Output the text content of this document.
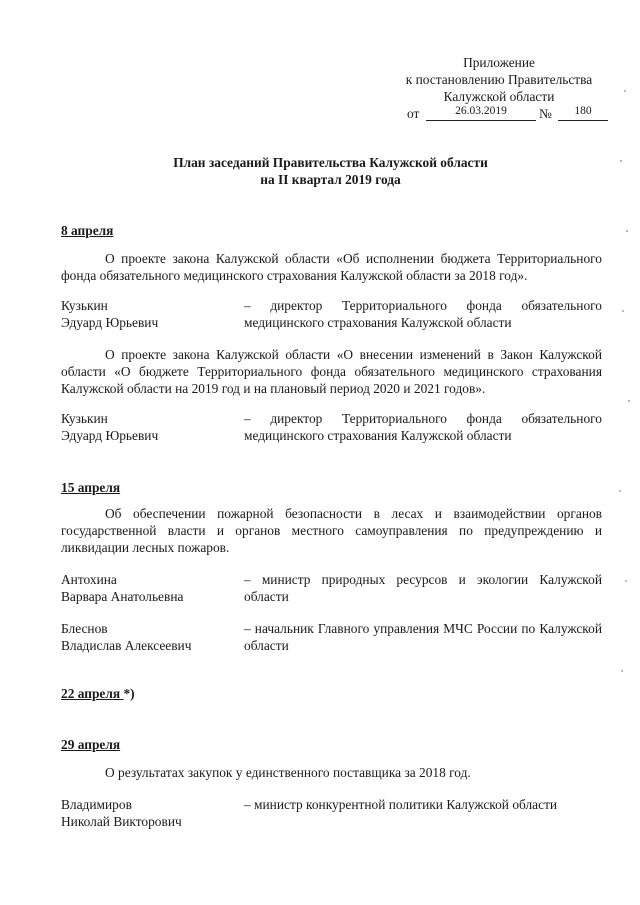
Приложение
к постановлению Правительства
Калужской области
от	26.03.2019	№	180
План заседаний Правительства Калужской области
на II квартал 2019 года
8 апреля
О проекте закона Калужской области «Об исполнении бюджета Территориального фонда обязательного медицинского страхования Калужской области за 2018 год».
Кузькин
Эдуард Юрьевич
– директор Территориального фонда обязательного медицинского страхования Калужской области
О проекте закона Калужской области «О внесении изменений в Закон Калужской области «О бюджете Территориального фонда обязательного медицинского страхования Калужской области на 2019 год и на плановый период 2020 и 2021 годов».
Кузькин
Эдуард Юрьевич
– директор Территориального фонда обязательного медицинского страхования Калужской области
15 апреля
Об обеспечении пожарной безопасности в лесах и взаимодействии органов государственной власти и органов местного самоуправления по предупреждению и ликвидации лесных пожаров.
Антохина
Варвара Анатольевна
– министр природных ресурсов и экологии Калужской области
Блеснов
Владислав Алексеевич
– начальник Главного управления МЧС России по Калужской области
22 апреля *)
29 апреля
О результатах закупок у единственного поставщика за 2018 год.
Владимиров
Николай Викторович
– министр конкурентной политики Калужской области
